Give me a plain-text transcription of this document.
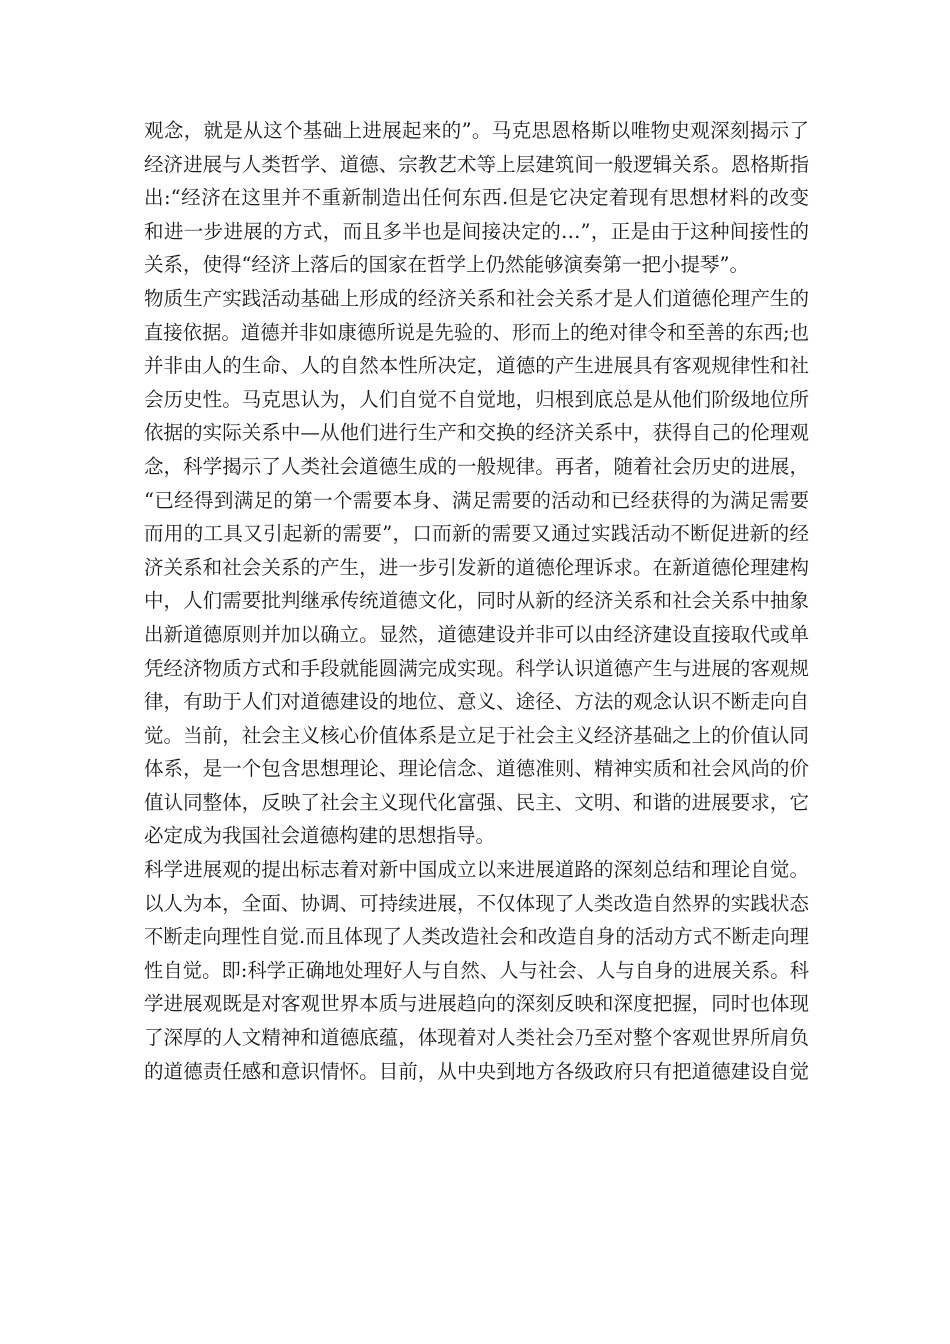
观念，就是从这个基础上进展起来的”。马克思恩格斯以唯物史观深刻揭示了
经济进展与人类哲学、道德、宗教艺术等上层建筑间一般逻辑关系。恩格斯指
出:“经济在这里并不重新制造出任何东西.但是它决定着现有思想材料的改变
和进一步进展的方式，而且多半也是间接决定的…”，正是由于这种间接性的
关系，使得“经济上落后的国家在哲学上仍然能够演奏第一把小提琴”。
物质生产实践活动基础上形成的经济关系和社会关系才是人们道德伦理产生的
直接依据。道德并非如康德所说是先验的、形而上的绝对律令和至善的东西;也
并非由人的生命、人的自然本性所决定，道德的产生进展具有客观规律性和社
会历史性。马克思认为，人们自觉不自觉地，归根到底总是从他们阶级地位所
依据的实际关系中—从他们进行生产和交换的经济关系中，获得自己的伦理观
念，科学揭示了人类社会道德生成的一般规律。再者，随着社会历史的进展，
“已经得到满足的第一个需要本身、满足需要的活动和已经获得的为满足需要
而用的工具又引起新的需要”，口而新的需要又通过实践活动不断促进新的经
济关系和社会关系的产生，进一步引发新的道德伦理诉求。在新道德伦理建构
中，人们需要批判继承传统道德文化，同时从新的经济关系和社会关系中抽象
出新道德原则并加以确立。显然，道德建设并非可以由经济建设直接取代或单
凭经济物质方式和手段就能圆满完成实现。科学认识道德产生与进展的客观规
律，有助于人们对道德建设的地位、意义、途径、方法的观念认识不断走向自
觉。当前，社会主义核心价值体系是立足于社会主义经济基础之上的价值认同
体系，是一个包含思想理论、理论信念、道德准则、精神实质和社会风尚的价
值认同整体，反映了社会主义现代化富强、民主、文明、和谐的进展要求，它
必定成为我国社会道德构建的思想指导。
科学进展观的提出标志着对新中国成立以来进展道路的深刻总结和理论自觉。
以人为本，全面、协调、可持续进展，不仅体现了人类改造自然界的实践状态
不断走向理性自觉.而且体现了人类改造社会和改造自身的活动方式不断走向理
性自觉。即:科学正确地处理好人与自然、人与社会、人与自身的进展关系。科
学进展观既是对客观世界本质与进展趋向的深刻反映和深度把握，同时也体现
了深厚的人文精神和道德底蕴，体现着对人类社会乃至对整个客观世界所肩负
的道德责任感和意识情怀。目前，从中央到地方各级政府只有把道德建设自觉
